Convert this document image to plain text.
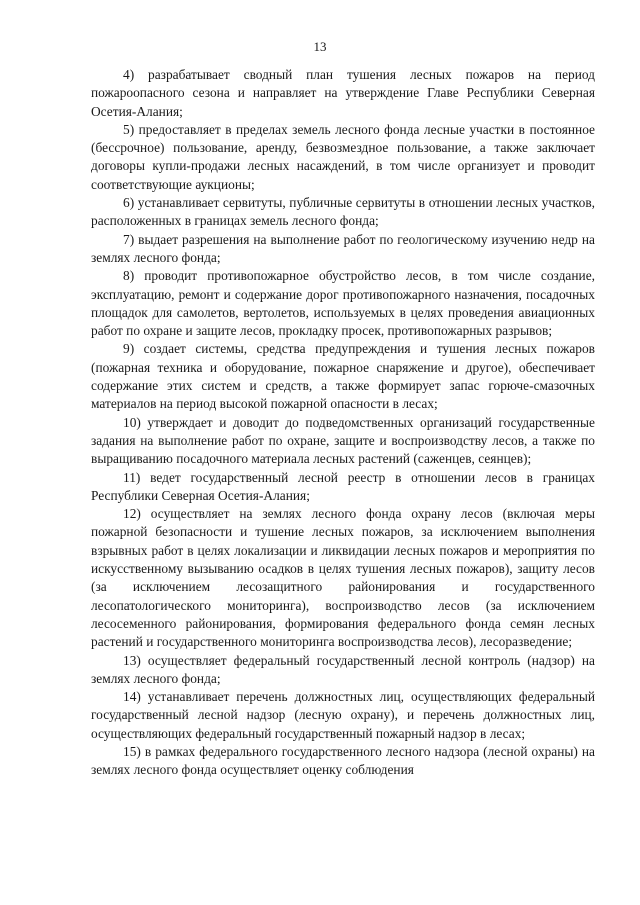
13

4) разрабатывает сводный план тушения лесных пожаров на период пожароопасного сезона и направляет на утверждение Главе Республики Северная Осетия-Алания;

5) предоставляет в пределах земель лесного фонда лесные участки в постоянное (бессрочное) пользование, аренду, безвозмездное пользование, а также заключает договоры купли-продажи лесных насаждений, в том числе организует и проводит соответствующие аукционы;

6) устанавливает сервитуты, публичные сервитуты в отношении лесных участков, расположенных в границах земель лесного фонда;

7) выдает разрешения на выполнение работ по геологическому изучению недр на землях лесного фонда;

8) проводит противопожарное обустройство лесов, в том числе создание, эксплуатацию, ремонт и содержание дорог противопожарного назначения, посадочных площадок для самолетов, вертолетов, используемых в целях проведения авиационных работ по охране и защите лесов, прокладку просек, противопожарных разрывов;

9) создает системы, средства предупреждения и тушения лесных пожаров (пожарная техника и оборудование, пожарное снаряжение и другое), обеспечивает содержание этих систем и средств, а также формирует запас горюче-смазочных материалов на период высокой пожарной опасности в лесах;

10) утверждает и доводит до подведомственных организаций государственные задания на выполнение работ по охране, защите и воспроизводству лесов, а также по выращиванию посадочного материала лесных растений (саженцев, сеянцев);

11) ведет государственный лесной реестр в отношении лесов в границах Республики Северная Осетия-Алания;

12) осуществляет на землях лесного фонда охрану лесов (включая меры пожарной безопасности и тушение лесных пожаров, за исключением выполнения взрывных работ в целях локализации и ликвидации лесных пожаров и мероприятия по искусственному вызыванию осадков в целях тушения лесных пожаров), защиту лесов (за исключением лесозащитного районирования и государственного лесопатологического мониторинга), воспроизводство лесов (за исключением лесосеменного районирования, формирования федерального фонда семян лесных растений и государственного мониторинга воспроизводства лесов), лесоразведение;

13) осуществляет федеральный государственный лесной контроль (надзор) на землях лесного фонда;

14) устанавливает перечень должностных лиц, осуществляющих федеральный государственный лесной надзор (лесную охрану), и перечень должностных лиц, осуществляющих федеральный государственный пожарный надзор в лесах;

15) в рамках федерального государственного лесного надзора (лесной охраны) на землях лесного фонда осуществляет оценку соблюдения
